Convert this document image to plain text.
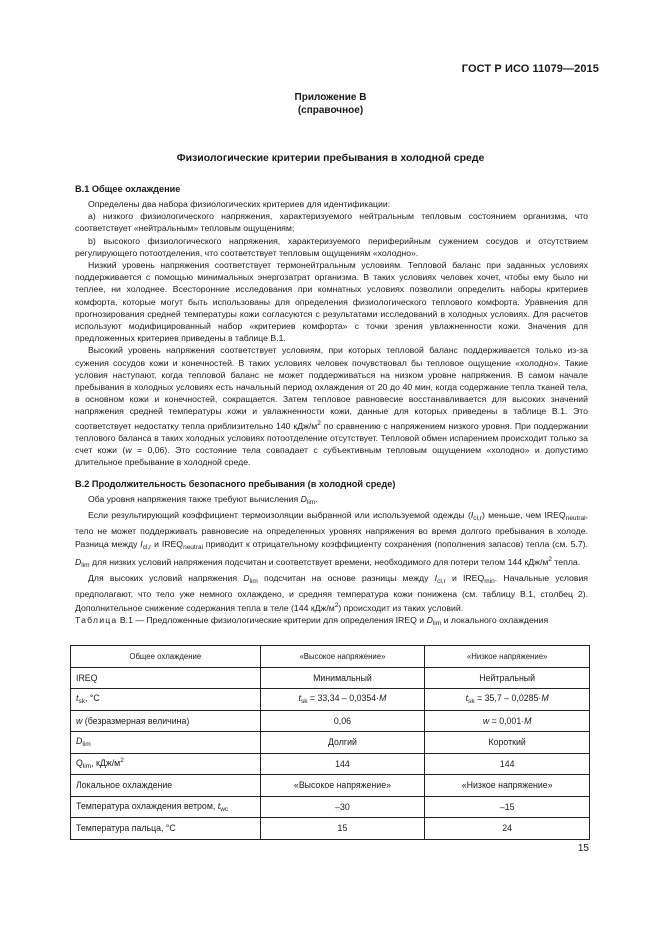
ГОСТ Р ИСО 11079—2015
Приложение В
(справочное)
Физиологические критерии пребывания в холодной среде
В.1 Общее охлаждение

Определены два набора физиологических критериев для идентификации:

а) низкого физиологического напряжения, характеризуемого нейтральным тепловым состоянием организма, что соответствует «нейтральным» тепловым ощущениям;

b) высокого физиологического напряжения, характеризуемого периферийным сужением сосудов и отсутствием регулирующего потоотделения, что соответствует тепловым ощущениям «холодно».

Низкий уровень напряжения соответствует термонейтральным условиям. Тепловой баланс при заданных условиях поддерживается с помощью минимальных энергозатрат организма. В таких условиях человек хочет, чтобы ему было ни теплее, ни холоднее. Всесторонние исследования при комнатных условиях позволили определить наборы критериев комфорта, которые могут быть использованы для определения физиологического теплового комфорта. Уравнения для прогнозирования средней температуры кожи согласуются с результатами исследований в холодных условиях. Для расчетов используют модифицированный набор «критериев комфорта» с точки зрения увлажненности кожи. Значения для предложенных критериев приведены в таблице В.1.

Высокий уровень напряжения соответствует условиям, при которых тепловой баланс поддерживается только из-за сужения сосудов кожи и конечностей. В таких условиях человек почувствовал бы тепловое ощущение «холодно». Такие условия наступают, когда тепловой баланс не может поддерживаться на низком уровне напряжения. В самом начале пребывания в холодных условиях есть начальный период охлаждения от 20 до 40 мин, когда содержание тепла тканей тела, в основном кожи и конечностей, сокращается. Затем тепловое равновесие восстанавливается для высоких значений напряжения средней температуры кожи и увлажненности кожи, данные для которых приведены в таблице В.1. Это соответствует недостатку тепла приблизительно 140 кДж/$м^2$ по сравнению с напряжением низкого уровня. При поддержании теплового баланса в таких холодных условиях потоотделение отсутствует. Тепловой обмен испарением происходит только за счет кожи (w = 0,06). Это состояние тела совпадает с субъективным тепловым ощущением «холодно» и допустимо длительное пребывание в холодной среде.

В.2 Продолжительность безопасного пребывания (в холодной среде)

Оба уровня напряжения также требуют вычисления $D_{lim}$.

Если результирующий коэффициент термоизоляции выбранной или используемой одежды $(I_{cl,r})$ меньше, чем $IREQ_{neutral}$, тело не может поддерживать равновесие на определенных уровнях напряжения во время долгого пребывания в холоде. Разница между $I_{cl,r}$ и $IREQ_{neutral}$ приводит к отрицательному коэффициенту сохранения (пополнения запасов) тепла (см. 5.7). $D_{lim}$ для низких условий напряжения подсчитан и соответствует времени, необходимого для потери телом 144 кДж/$м^2$ тепла.

Для высоких условий напряжения $D_{lim}$ подсчитан на основе разницы между $I_{cl,r}$ и $IREQ_{min}$. Начальные условия предполагают, что тело уже немного охлаждено, и средняя температура кожи понижена (см. таблицу В.1, столбец 2). Дополнительное снижение содержания тепла в теле (144 кДж/$м^2$) происходит из таких условий.

Таблица В.1 — Предложенные физиологические критерии для определения IREQ и $D_{lim}$ и локального охлаждения
Общее охлаждение	«Высокое напряжение»	«Низкое напряжение»
IREQ	Минимальный	Нейтральный
$t_{sk}$, °C	$t_{sk} = 33,34 - 0,0354\cdot M$	$t_{sk} = 35,7 - 0,0285\cdot M$
w (безразмерная величина)	0,06	w = 0,001·M
$D_{lim}$	Долгий	Короткий
$Q_{lim}$, кДж/$м^2$	144	144
Локальное охлаждение	«Высокое напряжение»	«Низкое напряжение»
Температура охлаждения ветром, $t_{wc}$	–30	–15
Температура пальца, °C	15	24
15
